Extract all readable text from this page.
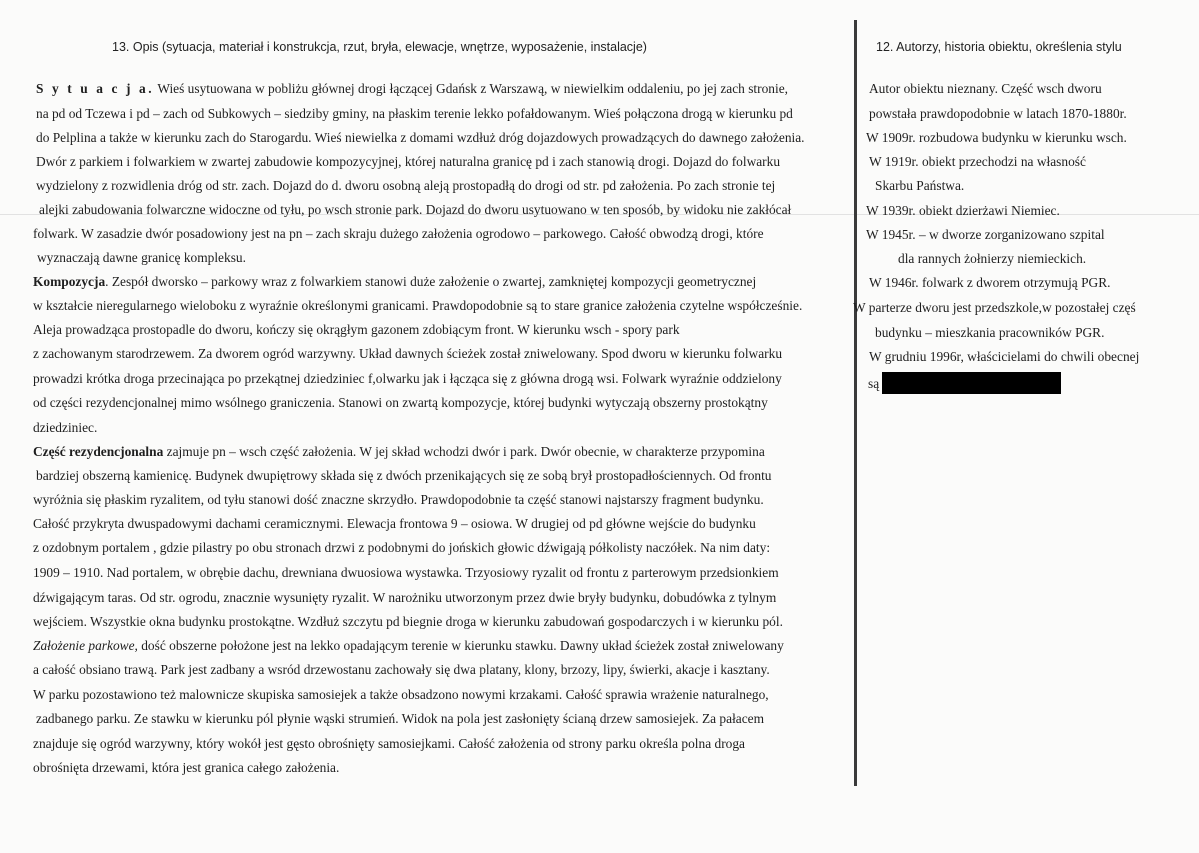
13. Opis (sytuacja, materiał i konstrukcja, rzut, bryła, elewacje, wnętrze, wyposażenie, instalacje)	12. Autorzy, historia obiektu, określenia stylu
S y t u a c j a. Wieś usytuowana w pobliżu głównej drogi łączącej Gdańsk z Warszawą, w niewielkim oddaleniu, po jej zach stronie,
na pd od Tczewa i pd – zach od Subkowych – siedziby gminy, na płaskim terenie lekko pofałdowanym. Wieś połączona drogą w kierunku pd
do Pelplina a także w kierunku zach do Starogardu. Wieś niewielka z domami wzdłuż dróg dojazdowych prowadzących do dawnego założenia.
Dwór z parkiem i folwarkiem w zwartej zabudowie kompozycyjnej, której naturalna granicę pd i zach stanowią drogi. Dojazd do folwarku
wydzielony z rozwidlenia dróg od str. zach. Dojazd do d. dworu osobną aleją prostopadłą do drogi od str. pd założenia. Po zach stronie tej
alejki zabudowania folwarczne widoczne od tyłu, po wsch stronie park. Dojazd do dworu usytuowano w ten sposób, by widoku nie zakłócał
folwark. W zasadzie dwór posadowiony jest na pn – zach skraju dużego założenia ogrodowo – parkowego. Całość obwodzą drogi, które
wyznaczają dawne granicę kompleksu.
Kompozycja. Zespół dworsko – parkowy wraz z folwarkiem stanowi duże założenie o zwartej, zamkniętej kompozycji geometrycznej
w kształcie nieregularnego wieloboku z wyraźnie określonymi granicami. Prawdopodobnie są to stare granice założenia czytelne współcześnie.
Aleja prowadząca prostopadle do dworu, kończy się okrągłym gazonem zdobiącym front. W kierunku wsch - spory park
z zachowanym starodrzewem. Za dworem ogród warzywny. Układ dawnych ścieżek został zniwelowany. Spod dworu w kierunku folwarku
prowadzi krótka droga przecinająca po przekątnej dziedziniec f,olwarku jak i łącząca się z główna drogą wsi. Folwark wyraźnie oddzielony
od części rezydencjonalnej mimo wsólnego graniczenia. Stanowi on zwartą kompozycje, której budynki wytyczają obszerny prostokątny
dziedziniec.
Część rezydencjonalna zajmuje pn – wsch część założenia. W jej skład wchodzi dwór i park. Dwór obecnie, w charakterze przypomina
bardziej obszerną kamienicę. Budynek dwupiętrowy składa się z dwóch przenikających się ze sobą brył prostopadłościennych. Od frontu
wyróżnia się płaskim ryzalitem, od tyłu stanowi dość znaczne skrzydło. Prawdopodobnie ta część stanowi najstarszy fragment budynku.
Całość przykryta dwuspadowymi dachami ceramicznymi. Elewacja frontowa 9 – osiowa. W drugiej od pd główne wejście do budynku
z ozdobnym portalem , gdzie pilastry po obu stronach drzwi z podobnymi do jońskich głowic dźwigają półkolisty naczółek. Na nim daty:
1909 – 1910. Nad portalem, w obrębie dachu, drewniana dwuosiowa wystawka. Trzyosiowy ryzalit od frontu z parterowym przedsionkiem
dźwigającym taras. Od str. ogrodu, znacznie wysunięty ryzalit. W narożniku utworzonym przez dwie bryły budynku, dobudówka z tylnym
wejściem. Wszystkie okna budynku prostokątne. Wzdłuż szczytu pd biegnie droga w kierunku zabudowań gospodarczych i w kierunku pól.
Założenie parkowe, dość obszerne położone jest na lekko opadającym terenie w kierunku stawku. Dawny układ ścieżek został zniwelowany
a całość obsiano trawą. Park jest zadbany a wsród drzewostanu zachowały się dwa platany, klony, brzozy, lipy, świerki, akacje i kasztany.
W parku pozostawiono też malownicze skupiska samosiejek a także obsadzono nowymi krzakami. Całość sprawia wrażenie naturalnego,
zadbanego parku. Ze stawku w kierunku pól płynie wąski strumień. Widok na pola jest zasłonięty ścianą drzew samosiejek. Za pałacem
znajduje się ogród warzywny, który wokół jest gęsto obrośnięty samosiejkami. Całość założenia od strony parku określa polna droga
obrośnięta drzewami, która jest granica całego założenia.
Autor obiektu nieznany. Część wsch dworu
powstała prawdopodobnie w latach 1870-1880r.
W 1909r. rozbudowa budynku w kierunku wsch.
W 1919r. obiekt przechodzi na własność
Skarbu Państwa.
W 1939r. obiekt dzierżawi Niemiec.
W 1945r. – w dworze zorganizowano szpital
dla rannych żołnierzy niemieckich.
W 1946r. folwark z dworem otrzymują PGR.
W parterze dworu jest przedszkole,w pozostałej częś
budynku – mieszkania pracowników PGR.
W grudniu 1996r, właścicielami do chwili obecnej
są
